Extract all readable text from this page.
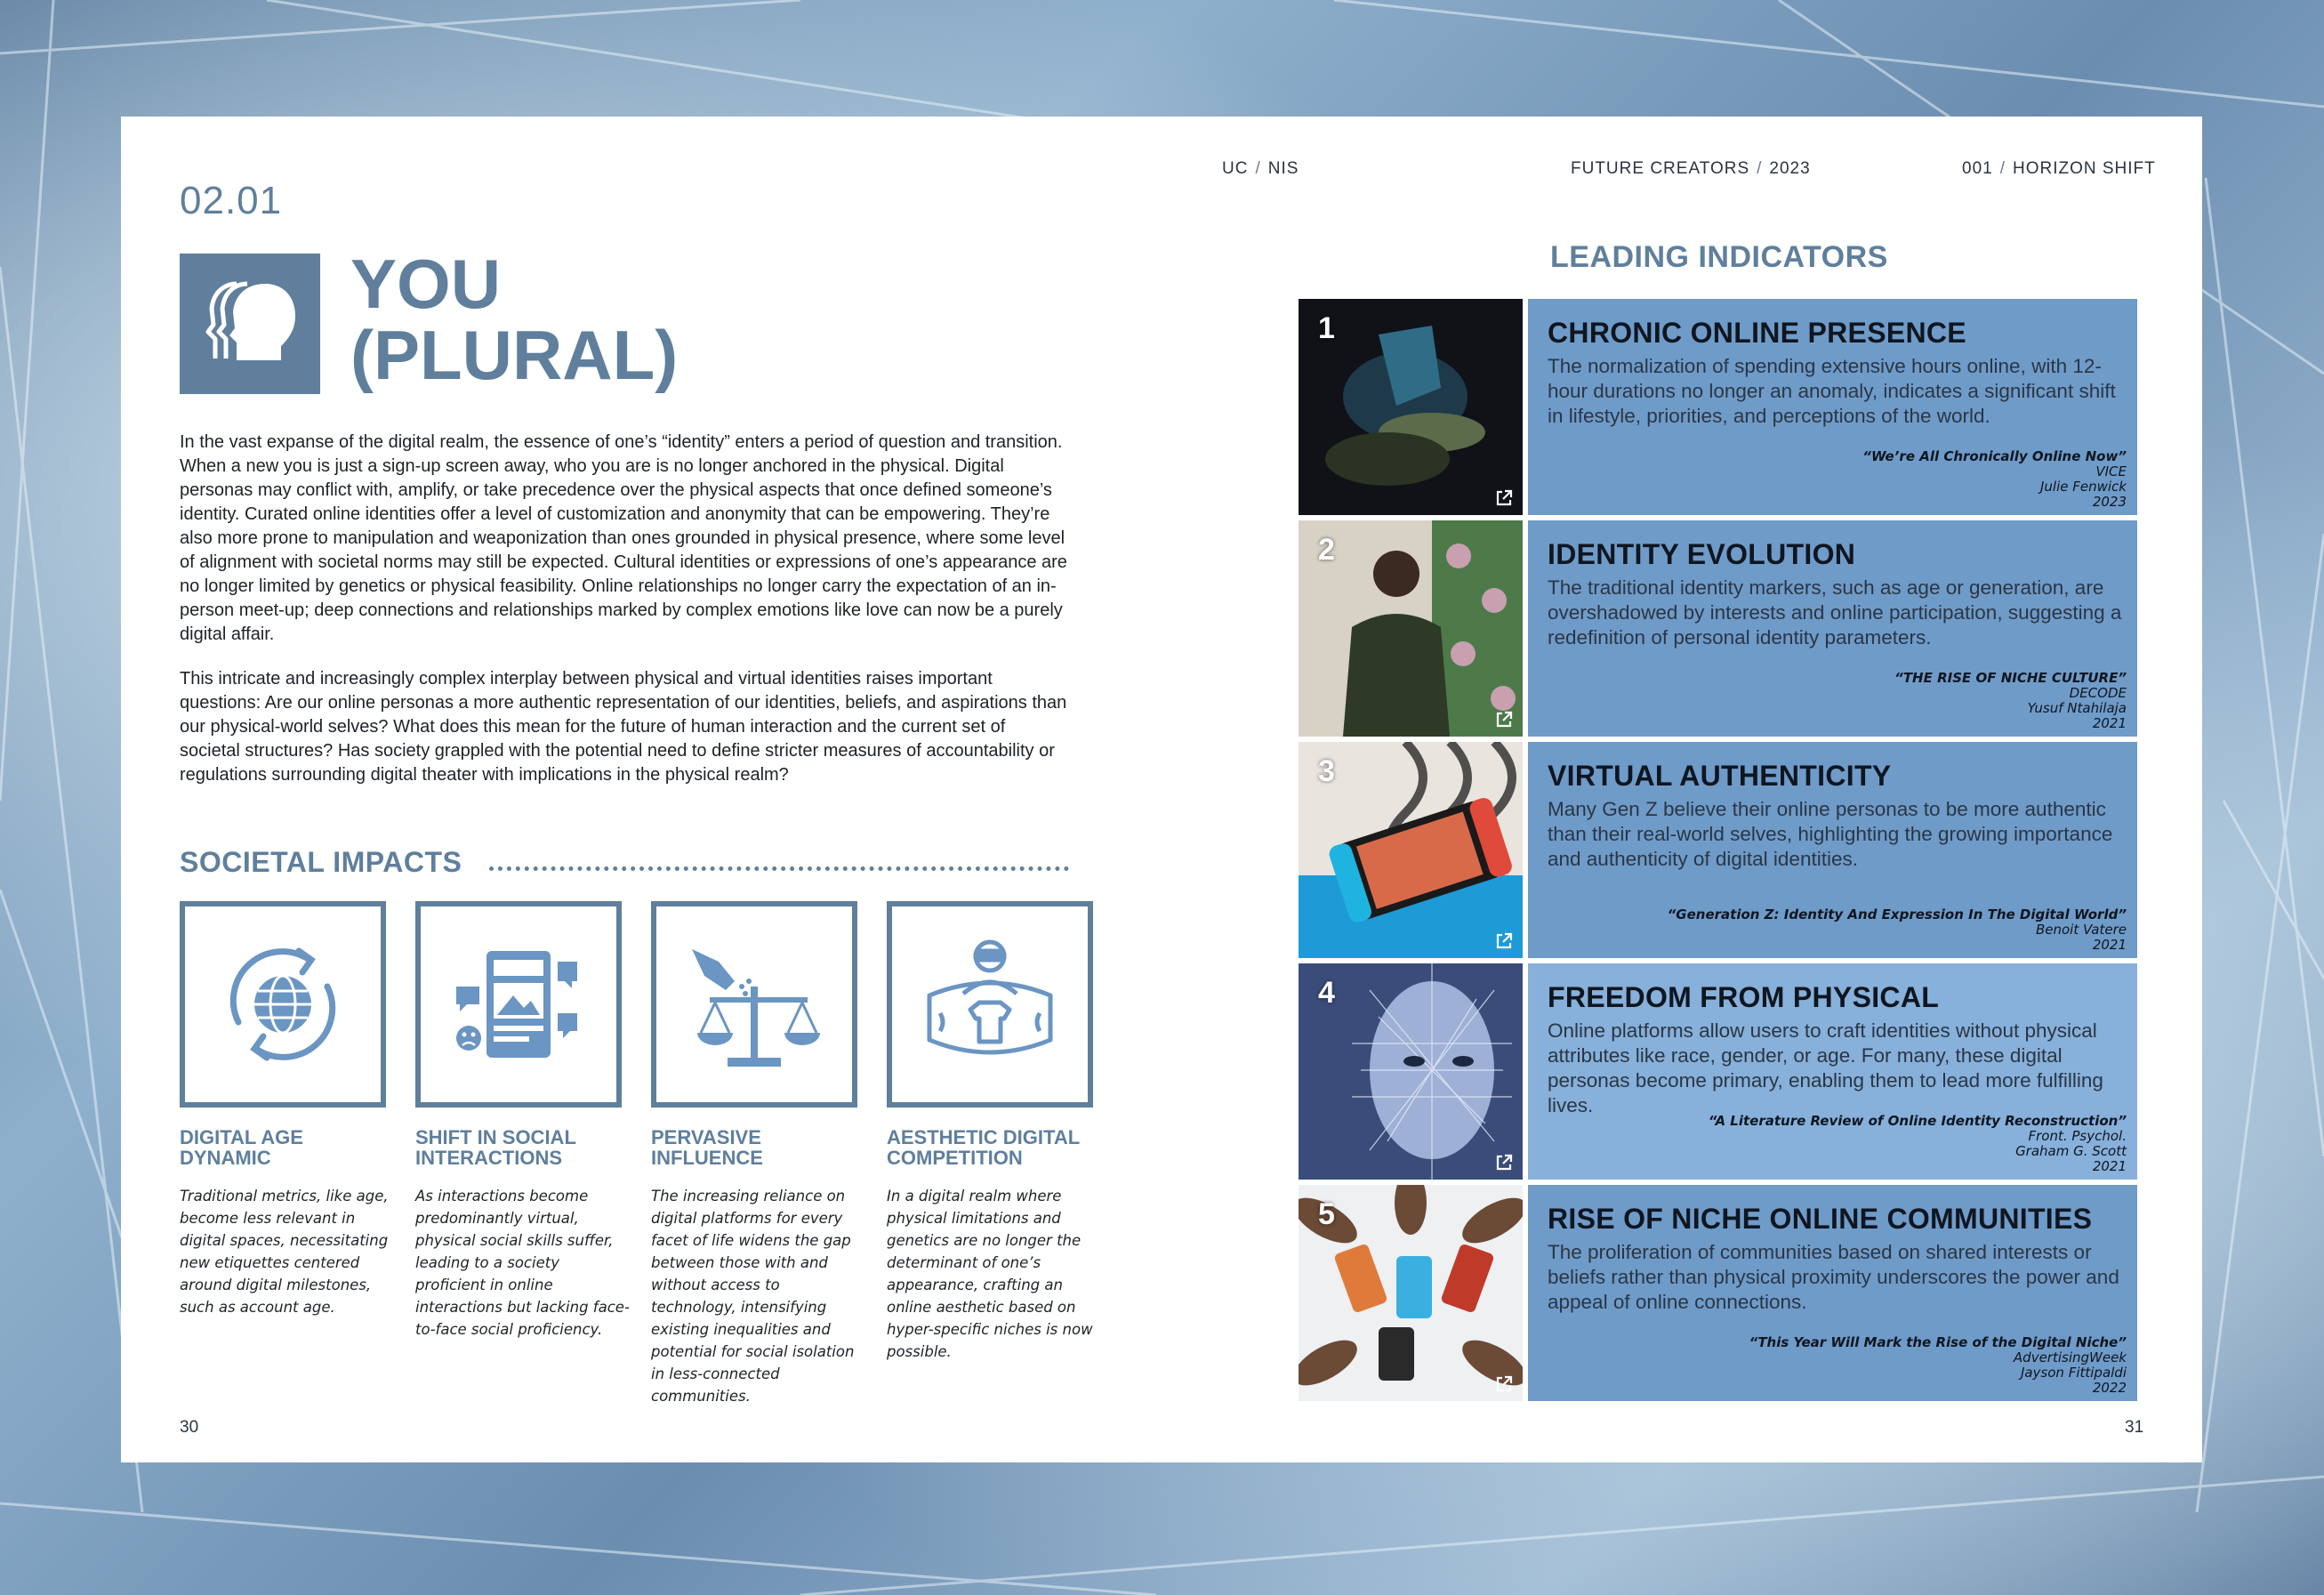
02.01
UC / NIS	FUTURE CREATORS / 2023	001 / HORIZON SHIFT
YOU
(PLURAL)
In the vast expanse of the digital realm, the essence of one’s “identity” enters a period of question and transition. When a new you is just a sign-up screen away, who you are is no longer anchored in the physical. Digital personas may conflict with, amplify, or take precedence over the physical aspects that once defined someone’s identity. Curated online identities offer a level of customization and anonymity that can be empowering. They’re also more prone to manipulation and weaponization than ones grounded in physical presence, where some level of alignment with societal norms may still be expected. Cultural identities or expressions of one’s appearance are no longer limited by genetics or physical feasibility. Online relationships no longer carry the expectation of an in-person meet-up; deep connections and relationships marked by complex emotions like love can now be a purely digital affair.
This intricate and increasingly complex interplay between physical and virtual identities raises important questions: Are our online personas a more authentic representation of our identities, beliefs, and aspirations than our physical-world selves? What does this mean for the future of human interaction and the current set of societal structures? Has society grappled with the potential need to define stricter measures of accountability or regulations surrounding digital theater with implications in the physical realm?
SOCIETAL IMPACTS
DIGITAL AGE DYNAMIC
Traditional metrics, like age, become less relevant in digital spaces, necessitating new etiquettes centered around digital milestones, such as account age.
SHIFT IN SOCIAL INTERACTIONS
As interactions become predominantly virtual, physical social skills suffer, leading to a society proficient in online interactions but lacking face-to-face social proficiency.
PERVASIVE INFLUENCE
The increasing reliance on digital platforms for every facet of life widens the gap between those with and without access to technology, intensifying existing inequalities and potential for social isolation in less-connected communities.
AESTHETIC DIGITAL COMPETITION
In a digital realm where physical limitations and genetics are no longer the determinant of one’s appearance, crafting an online aesthetic based on hyper-specific niches is now possible.
30	31
LEADING INDICATORS
1	CHRONIC ONLINE PRESENCE
The normalization of spending extensive hours online, with 12-hour durations no longer an anomaly, indicates a significant shift in lifestyle, priorities, and perceptions of the world.
“We’re All Chronically Online Now”
VICE
Julie Fenwick
2023
2	IDENTITY EVOLUTION
The traditional identity markers, such as age or generation, are overshadowed by interests and online participation, suggesting a redefinition of personal identity parameters.
“THE RISE OF NICHE CULTURE”
DECODE
Yusuf Ntahilaja
2021
3	VIRTUAL AUTHENTICITY
Many Gen Z believe their online personas to be more authentic than their real-world selves, highlighting the growing importance and authenticity of digital identities.
“Generation Z: Identity And Expression In The Digital World”
Benoit Vatere
2021
4	FREEDOM FROM PHYSICAL
Online platforms allow users to craft identities without physical attributes like race, gender, or age. For many, these digital personas become primary, enabling them to lead more fulfilling lives.
“A Literature Review of Online Identity Reconstruction”
Front. Psychol.
Graham G. Scott
2021
5	RISE OF NICHE ONLINE COMMUNITIES
The proliferation of communities based on shared interests or beliefs rather than physical proximity underscores the power and appeal of online connections.
“This Year Will Mark the Rise of the Digital Niche”
AdvertisingWeek
Jayson Fittipaldi
2022
